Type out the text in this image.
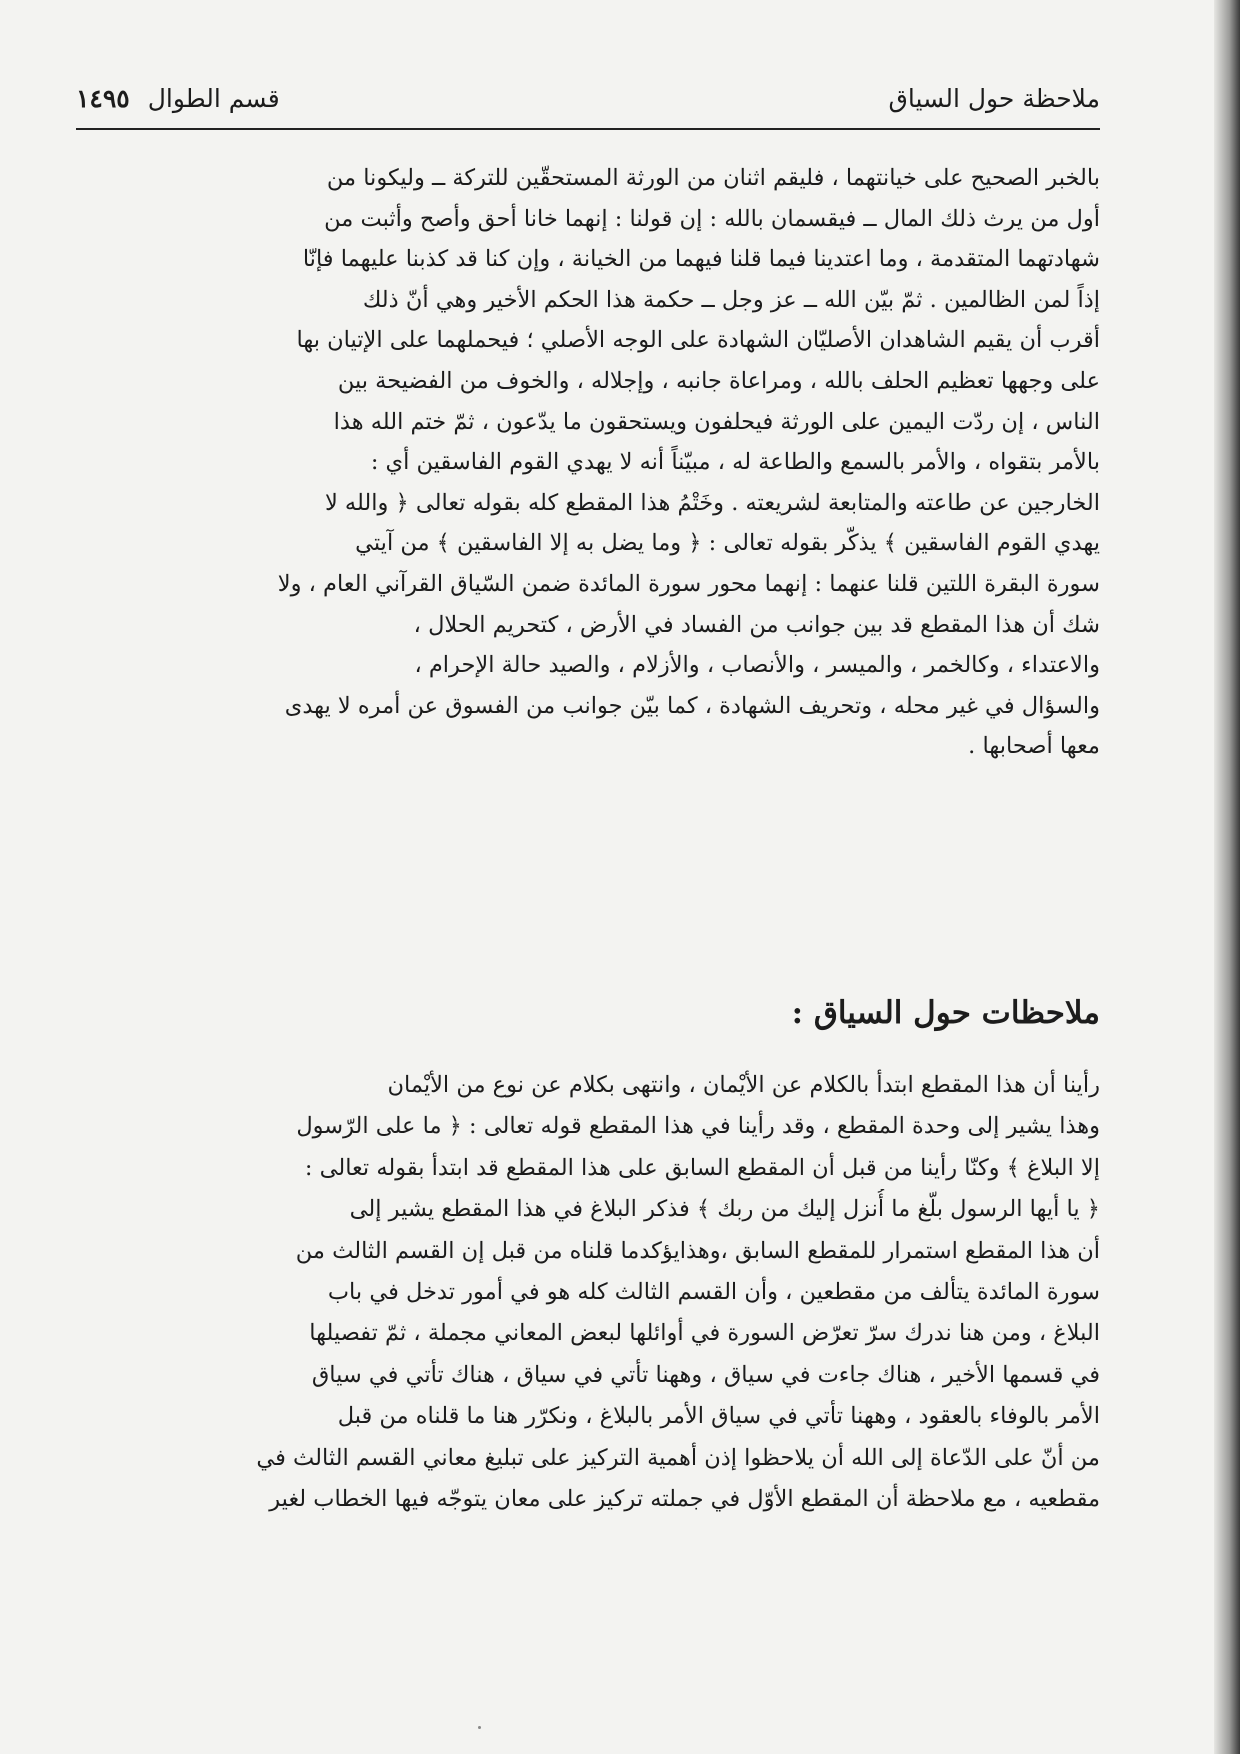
ملاحظة حول السياق
قسم الطوال
١٤٩٥
بالخبر الصحيح على خيانتهما ، فليقم اثنان من الورثة المستحقّين للتركة ــ وليكونا من
أول من يرث ذلك المال ــ فيقسمان بالله : إن قولنا : إنهما خانا أحق وأصح وأثبت من
شهادتهما المتقدمة ، وما اعتدينا فيما قلنا فيهما من الخيانة ، وإن كنا قد كذبنا عليهما فإنّا
إذاً لمن الظالمين . ثمّ بيّن الله ــ عز وجل ــ حكمة هذا الحكم الأخير وهي أنّ ذلك
أقرب أن يقيم الشاهدان الأصليّان الشهادة على الوجه الأصلي ؛ فيحملهما على الإتيان بها
على وجهها تعظيم الحلف بالله ، ومراعاة جانبه ، وإجلاله ، والخوف من الفضيحة بين
الناس ، إن ردّت اليمين على الورثة فيحلفون ويستحقون ما يدّعون ، ثمّ ختم الله هذا
بالأمر بتقواه ، والأمر بالسمع والطاعة له ، مبيّناً أنه لا يهدي القوم الفاسقين أي :
الخارجين عن طاعته والمتابعة لشريعته . وخَتْمُ هذا المقطع كله بقوله تعالى ﴿ والله لا
يهدي القوم الفاسقين ﴾ يذكّر بقوله تعالى : ﴿ وما يضل به إلا الفاسقين ﴾ من آيتي
سورة البقرة اللتين قلنا عنهما : إنهما محور سورة المائدة ضمن السّياق القرآني العام ، ولا
شك أن هذا المقطع قد بين جوانب من الفساد في الأرض ، كتحريم الحلال ،
والاعتداء ، وكالخمر ، والميسر ، والأنصاب ، والأزلام ، والصيد حالة الإحرام ،
والسؤال في غير محله ، وتحريف الشهادة ، كما بيّن جوانب من الفسوق عن أمره لا يهدى
معها أصحابها .
ملاحظات حول السياق :
رأينا أن هذا المقطع ابتدأ بالكلام عن الأيْمان ، وانتهى بكلام عن نوع من الأيْمان
وهذا يشير إلى وحدة المقطع ، وقد رأينا في هذا المقطع قوله تعالى : ﴿ ما على الرّسول
إلا البلاغ ﴾ وكنّا رأينا من قبل أن المقطع السابق على هذا المقطع قد ابتدأ بقوله تعالى :
﴿ يا أيها الرسول بلّغ ما أُنزل إليك من ربك ﴾ فذكر البلاغ في هذا المقطع يشير إلى
أن هذا المقطع استمرار للمقطع السابق ،وهذايؤكدما قلناه من قبل إن القسم الثالث من
سورة المائدة يتألف من مقطعين ، وأن القسم الثالث كله هو في أمور تدخل في باب
البلاغ ، ومن هنا ندرك سرّ تعرّض السورة في أوائلها لبعض المعاني مجملة ، ثمّ تفصيلها
في قسمها الأخير ، هناك جاءت في سياق ، وههنا تأتي في سياق ، هناك تأتي في سياق
الأمر بالوفاء بالعقود ، وههنا تأتي في سياق الأمر بالبلاغ ، ونكرّر هنا ما قلناه من قبل
من أنّ على الدّعاة إلى الله أن يلاحظوا إذن أهمية التركيز على تبليغ معاني القسم الثالث في
مقطعيه ، مع ملاحظة أن المقطع الأوّل في جملته تركيز على معان يتوجّه فيها الخطاب لغير
